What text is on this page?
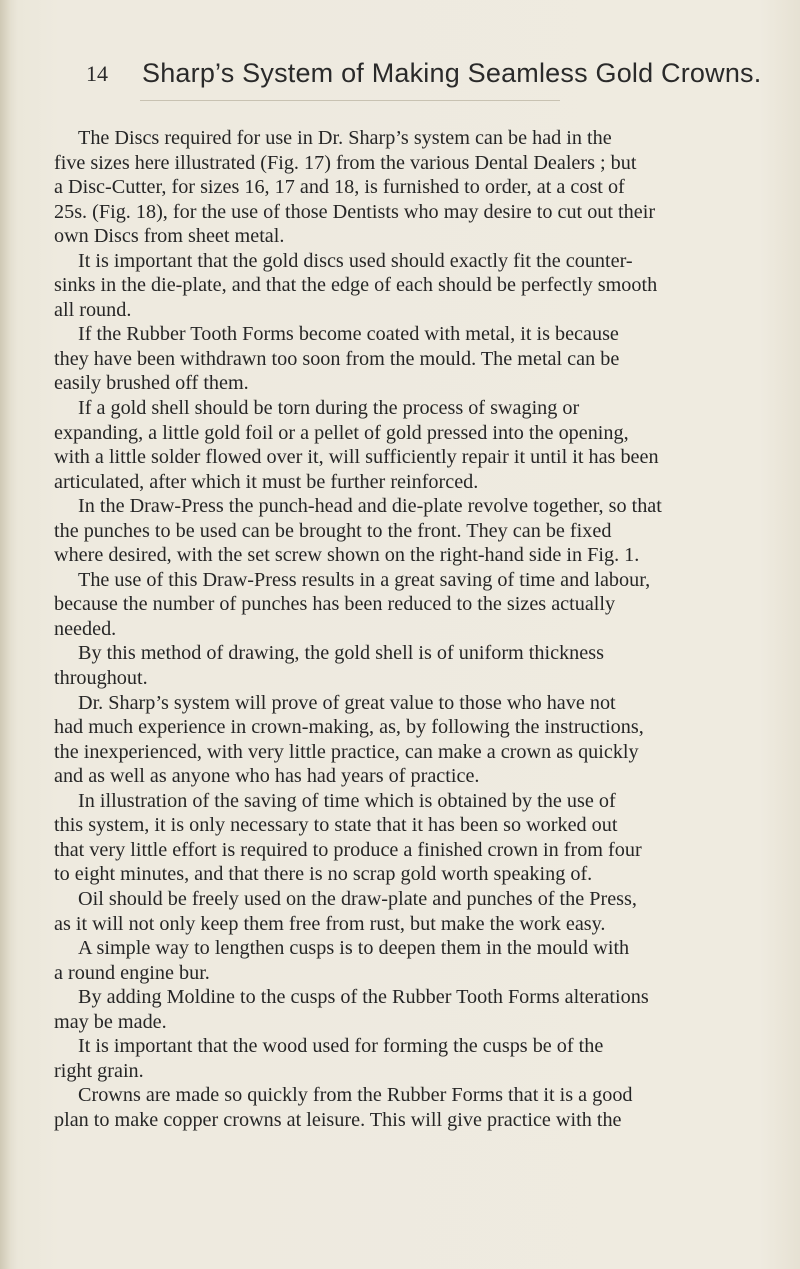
14 Sharp’s System of Making Seamless Gold Crowns.
The Discs required for use in Dr. Sharp’s system can be had in the
five sizes here illustrated (Fig. 17) from the various Dental Dealers ; but
a Disc-Cutter, for sizes 16, 17 and 18, is furnished to order, at a cost of
25s. (Fig. 18), for the use of those Dentists who may desire to cut out their
own Discs from sheet metal.
It is important that the gold discs used should exactly fit the counter-
sinks in the die-plate, and that the edge of each should be perfectly smooth
all round.
If the Rubber Tooth Forms become coated with metal, it is because
they have been withdrawn too soon from the mould. The metal can be
easily brushed off them.
If a gold shell should be torn during the process of swaging or
expanding, a little gold foil or a pellet of gold pressed into the opening,
with a little solder flowed over it, will sufficiently repair it until it has been
articulated, after which it must be further reinforced.
In the Draw-Press the punch-head and die-plate revolve together, so that
the punches to be used can be brought to the front. They can be fixed
where desired, with the set screw shown on the right-hand side in Fig. 1.
The use of this Draw-Press results in a great saving of time and labour,
because the number of punches has been reduced to the sizes actually
needed.
By this method of drawing, the gold shell is of uniform thickness
throughout.
Dr. Sharp’s system will prove of great value to those who have not
had much experience in crown-making, as, by following the instructions,
the inexperienced, with very little practice, can make a crown as quickly
and as well as anyone who has had years of practice.
In illustration of the saving of time which is obtained by the use of
this system, it is only necessary to state that it has been so worked out
that very little effort is required to produce a finished crown in from four
to eight minutes, and that there is no scrap gold worth speaking of.
Oil should be freely used on the draw-plate and punches of the Press,
as it will not only keep them free from rust, but make the work easy.
A simple way to lengthen cusps is to deepen them in the mould with
a round engine bur.
By adding Moldine to the cusps of the Rubber Tooth Forms alterations
may be made.
It is important that the wood used for forming the cusps be of the
right grain.
Crowns are made so quickly from the Rubber Forms that it is a good
plan to make copper crowns at leisure. This will give practice with the
